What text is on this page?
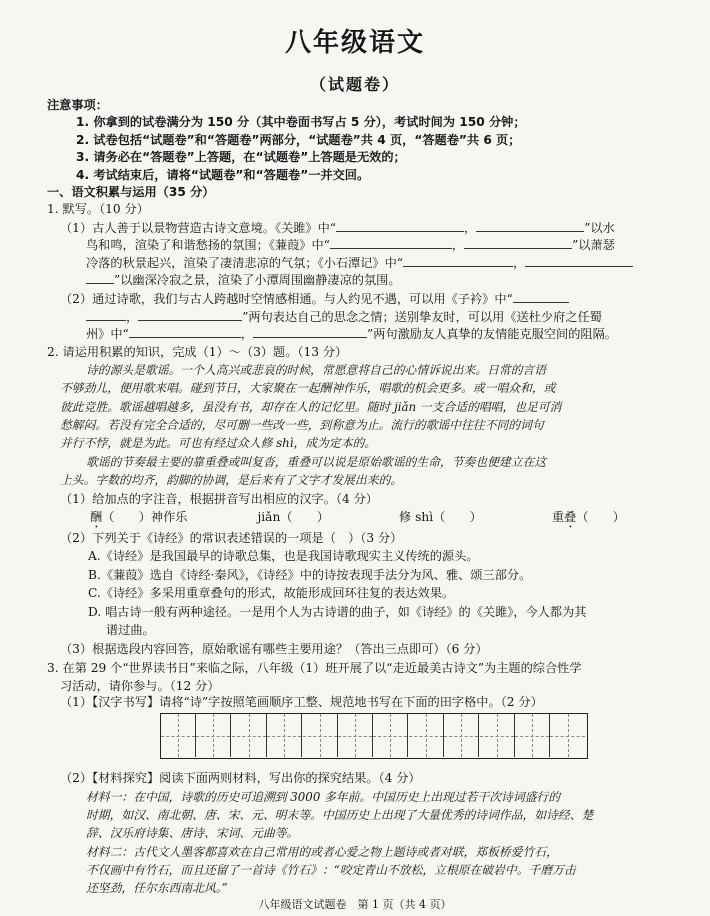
八年级语文
（试题卷）
注意事项：
1. 你拿到的试卷满分为 150 分（其中卷面书写占 5 分），考试时间为 150 分钟；
2. 试卷包括“试题卷”和“答题卷”两部分，“试题卷”共 4 页，“答题卷”共 6 页；
3. 请务必在“答题卷”上答题，在“试题卷”上答题是无效的；
4. 考试结束后，请将“试题卷”和“答题卷”一并交回。
一、语文积累与运用（35 分）
1. 默写。（10 分）
（1）古人善于以景物营造古诗文意境。《关雎》中“	，	”以水
鸟和鸣，渲染了和谐愁扬的氛围；《蒹葭》中“	，	”以萧瑟
冷落的秋景起兴，渲染了凄清悲凉的气氛；《小石潭记》中“	，
”以幽深冷寂之景，渲染了小潭周围幽静凄凉的氛围。
（2）通过诗歌，我们与古人跨越时空情感相通。与人约见不遇，可以用《子衿》中“
，	”两句表达自己的思念之情；送别挚友时，可以用《送杜少府之任蜀
州》中“	，	”两句激励友人真挚的友情能克服空间的阻隔。
2. 请运用积累的知识，完成（1）～（3）题。（13 分）
诗的源头是歌谣。一个人高兴或悲哀的时候，常愿意将自己的心情诉说出来。日常的言语
不够劲儿，便用歌来唱。碰到节日，大家聚在一起酬神作乐，唱歌的机会更多。或一唱众和，或
彼此竞胜。歌谣越唱越多，虽没有书，却存在人的记忆里。随时 jiǎn 一支合适的唱唱，也足可消
愁解闷。若没有完全合适的，尽可删一些改一些，到称意为止。流行的歌谣中往往不同的词句
并行不悖，就是为此。可也有经过众人修 shì，成为定本的。
歌谣的节奏最主要的靠重叠或叫复沓，重叠可以说是原始歌谣的生命，节奏也便建立在这
上头。字数的均齐，韵脚的协调，是后来有了文字才发展出来的。
（1）给加点的字注音，根据拼音写出相应的汉字。（4 分）
酬（　　）神作乐	jiǎn（　　）	修 shì（　　）	重叠（　　）
（2）下列关于《诗经》的常识表述错误的一项是（　）（3 分）
A.《诗经》是我国最早的诗歌总集，也是我国诗歌现实主义传统的源头。
B.《蒹葭》选自《诗经·秦风》，《诗经》中的诗按表现手法分为风、雅、颂三部分。
C.《诗经》多采用重章叠句的形式，故能形成回环往复的表达效果。
D. 唱古诗一般有两种途径。一是用个人为古诗谱的曲子，如《诗经》的《关雎》，今人都为其
谱过曲。
（3）根据选段内容回答，原始歌谣有哪些主要用途？（答出三点即可）（6 分）
3. 在第 29 个“世界读书日”来临之际，八年级（1）班开展了以“走近最美古诗文”为主题的综合性学
习活动，请你参与。（12 分）
（1）【汉字书写】请将“诗”字按照笔画顺序工整、规范地书写在下面的田字格中。（2 分）
（2）【材料探究】阅读下面两则材料，写出你的探究结果。（4 分）
材料一：在中国，诗歌的历史可追溯到 3000 多年前。中国历史上出现过若干次诗词盛行的
时期，如汉、南北朝、唐、宋、元、明末等。中国历史上出现了大量优秀的诗词作品，如诗经、楚
辞、汉乐府诗集、唐诗、宋词、元曲等。
材料二：古代文人墨客都喜欢在自己常用的或者心爱之物上题诗或者对联，郑板桥爱竹石，
不仅画中有竹石，而且还留了一首诗《竹石》：“咬定青山不放松，立根原在破岩中。千磨万击
还坚劲，任尔东西南北风。”
八年级语文试题卷　第 1 页（共 4 页）
